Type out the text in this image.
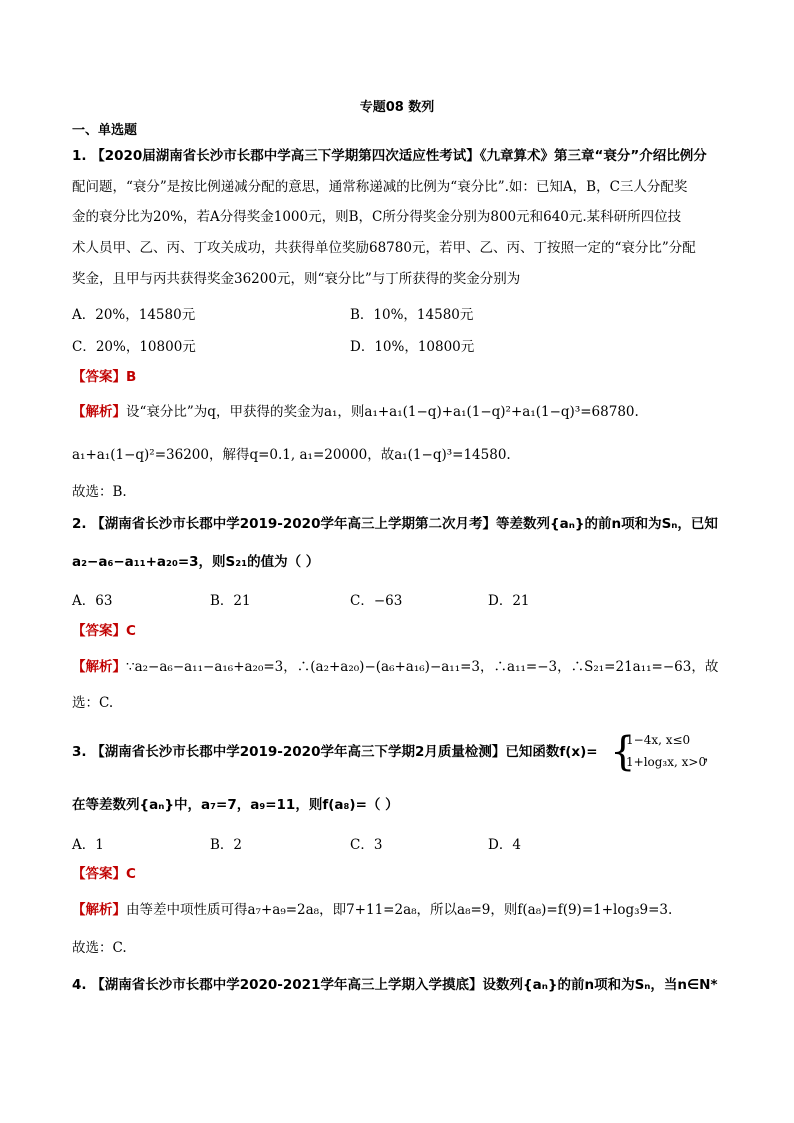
专题08 数列
一、单选题
1. 【2020届湖南省长沙市长郡中学高三下学期第四次适应性考试】《九章算术》第三章“衰分”介绍比例分
配问题，“衰分”是按比例递减分配的意思，通常称递减的比例为“衰分比”.如：已知A，B，C三人分配奖
金的衰分比为20%，若A分得奖金1000元，则B，C所分得奖金分别为800元和640元.某科研所四位技
术人员甲、乙、丙、丁攻关成功，共获得单位奖励68780元，若甲、乙、丙、丁按照一定的“衰分比”分配
奖金，且甲与丙共获得奖金36200元，则“衰分比”与丁所获得的奖金分别为
A．20%，14580元	B．10%，14580元
C．20%，10800元	D．10%，10800元
【答案】B
【解析】设“衰分比”为q，甲获得的奖金为a₁，则a₁+a₁(1−q)+a₁(1−q)²+a₁(1−q)³=68780.
a₁+a₁(1−q)²=36200，解得q=0.1, a₁=20000，故a₁(1−q)³=14580.
故选：B.
2. 【湖南省长沙市长郡中学2019-2020学年高三上学期第二次月考】等差数列{aₙ}的前n项和为Sₙ，已知
a₂−a₆−a₁₁+a₂₀=3，则S₂₁的值为（ ）
A．63	B．21	C．−63	D．21
【答案】C
【解析】∵a₂−a₆−a₁₁−a₁₆+a₂₀=3，∴(a₂+a₂₀)−(a₆+a₁₆)−a₁₁=3，∴a₁₁=−3，∴S₂₁=21a₁₁=−63，故
选：C.
3. 【湖南省长沙市长郡中学2019-2020学年高三下学期2月质量检测】已知函数f(x)= {
1−4x, x≤0
1+log₃x, x>0
，
在等差数列{aₙ}中，a₇=7，a₉=11，则f(a₈)=（ ）
A．1	B．2	C．3	D．4
【答案】C
【解析】由等差中项性质可得a₇+a₉=2a₈，即7+11=2a₈，所以a₈=9，则f(a₈)=f(9)=1+log₃9=3.
故选：C.
4. 【湖南省长沙市长郡中学2020-2021学年高三上学期入学摸底】设数列{aₙ}的前n项和为Sₙ，当n∈N*
